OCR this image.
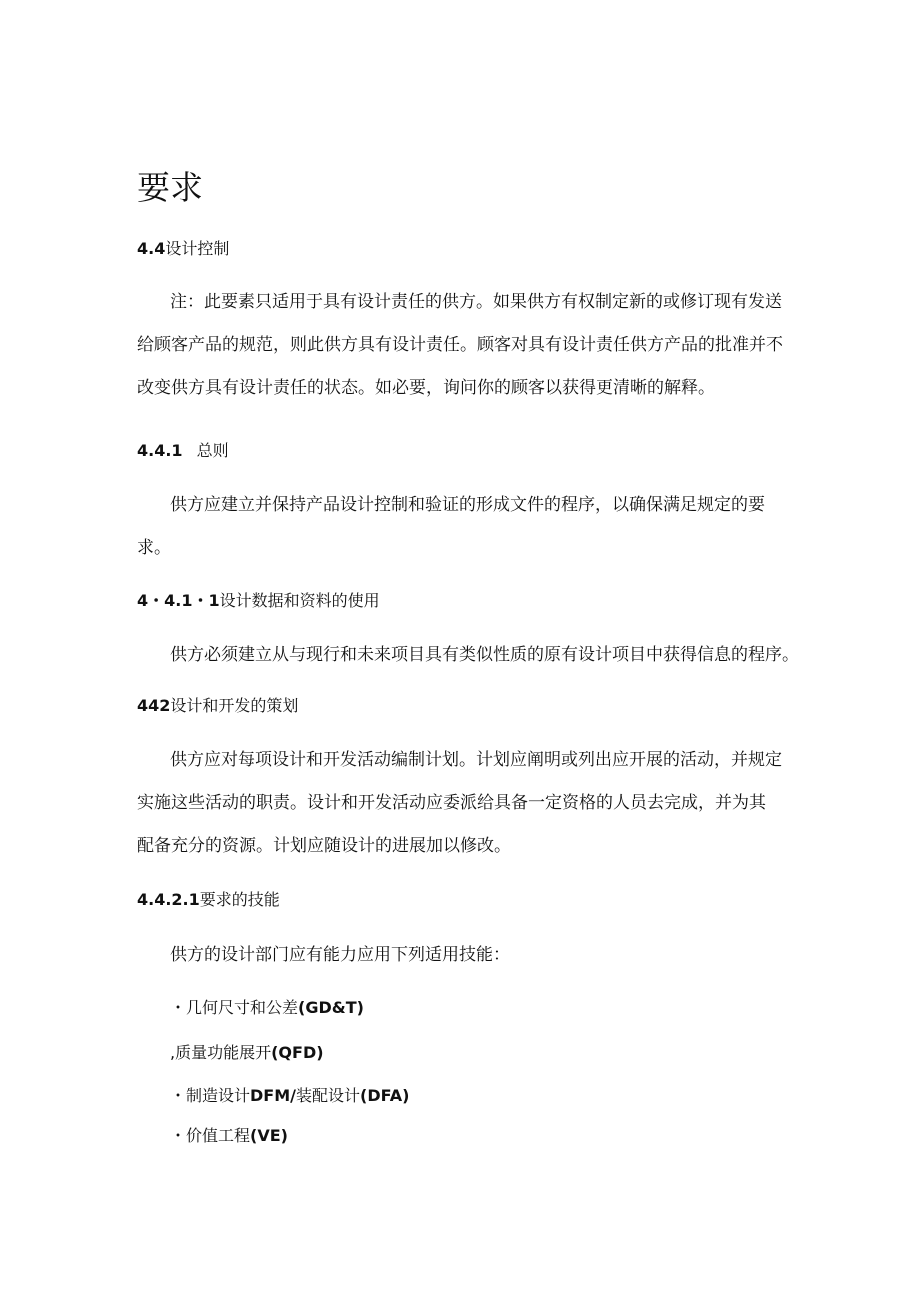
要求
4.4设计控制
注：此要素只适用于具有设计责任的供方。如果供方有权制定新的或修订现有发送
给顾客产品的规范，则此供方具有设计责任。顾客对具有设计责任供方产品的批准并不
改变供方具有设计责任的状态。如必要，询问你的顾客以获得更清晰的解释。
4.4.1 总则
供方应建立并保持产品设计控制和验证的形成文件的程序，以确保满足规定的要
求。
4・4.1・1设计数据和资料的使用
供方必须建立从与现行和未来项目具有类似性质的原有设计项目中获得信息的程序。
442设计和开发的策划
供方应对每项设计和开发活动编制计划。计划应阐明或列出应开展的活动，并规定
实施这些活动的职责。设计和开发活动应委派给具备一定资格的人员去完成，并为其
配备充分的资源。计划应随设计的进展加以修改。
4.4.2.1要求的技能
供方的设计部门应有能力应用下列适用技能：
・几何尺寸和公差(GD&T)
,质量功能展开(QFD)
・制造设计DFM/装配设计(DFA)
・价值工程(VE)
